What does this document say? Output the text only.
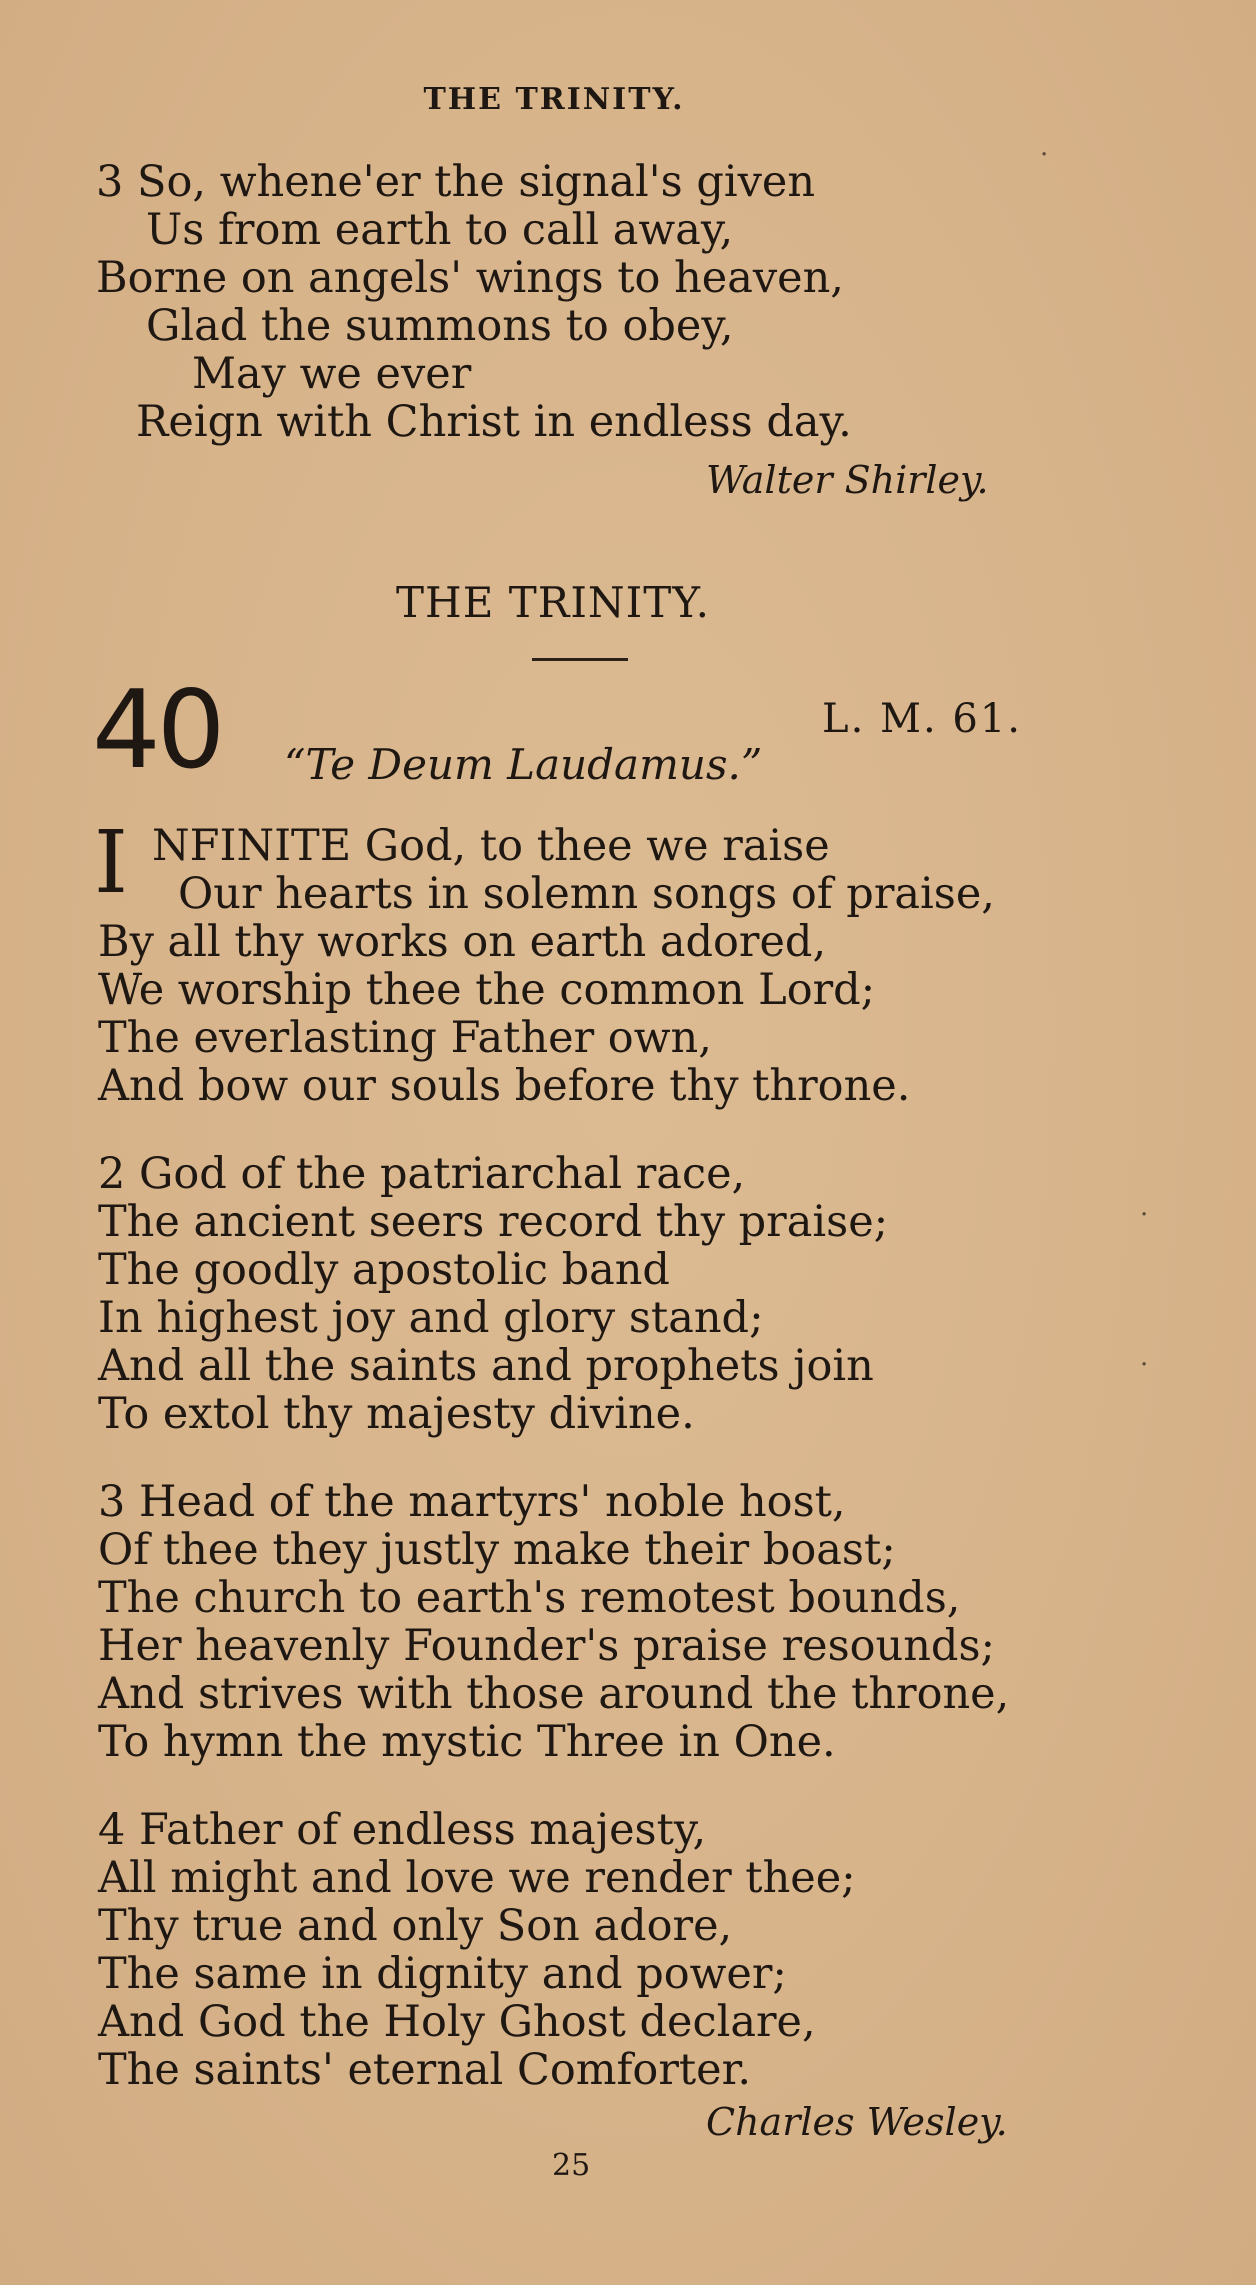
THE TRINITY.
3 So, whene'er the signal's given
Us from earth to call away,
Borne on angels' wings to heaven,
Glad the summons to obey,
May we ever
Reign with Christ in endless day.
Walter Shirley.
THE TRINITY.
40	L. M. 61.
“Te Deum Laudamus.”
I NFINITE God, to thee we raise
Our hearts in solemn songs of praise,
By all thy works on earth adored,
We worship thee the common Lord;
The everlasting Father own,
And bow our souls before thy throne.
2 God of the patriarchal race,
The ancient seers record thy praise;
The goodly apostolic band
In highest joy and glory stand;
And all the saints and prophets join
To extol thy majesty divine.
3 Head of the martyrs' noble host,
Of thee they justly make their boast;
The church to earth's remotest bounds,
Her heavenly Founder's praise resounds;
And strives with those around the throne,
To hymn the mystic Three in One.
4 Father of endless majesty,
All might and love we render thee;
Thy true and only Son adore,
The same in dignity and power;
And God the Holy Ghost declare,
The saints' eternal Comforter.
Charles Wesley.
25
·
·
·
